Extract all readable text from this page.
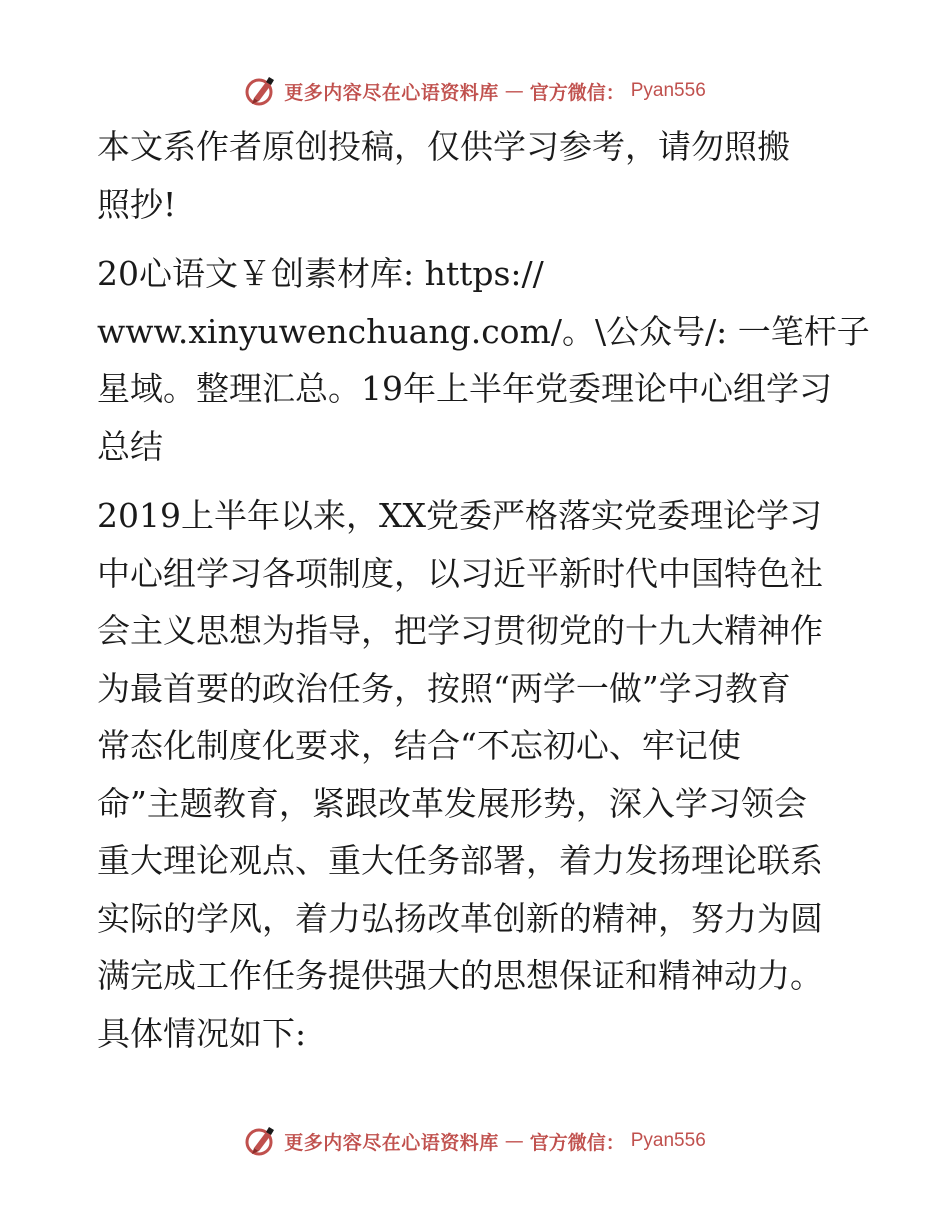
更多内容尽在心语资料库 — 官方微信： Pyan556

本文系作者原创投稿，仅供学习参考，请勿照搬
照抄!

20心语文￥创素材库: https://
www.xinyuwenchuang.com/。\公众号/: 一笔杆子
星域。整理汇总。19年上半年党委理论中心组学习
总结

2019上半年以来，XX党委严格落实党委理论学习
中心组学习各项制度，以习近平新时代中国特色社
会主义思想为指导，把学习贯彻党的十九大精神作
为最首要的政治任务，按照“两学一做”学习教育
常态化制度化要求，结合“不忘初心、牢记使
命”主题教育，紧跟改革发展形势，深入学习领会
重大理论观点、重大任务部署，着力发扬理论联系
实际的学风，着力弘扬改革创新的精神，努力为圆
满完成工作任务提供强大的思想保证和精神动力。
具体情况如下:

更多内容尽在心语资料库 — 官方微信： Pyan556
